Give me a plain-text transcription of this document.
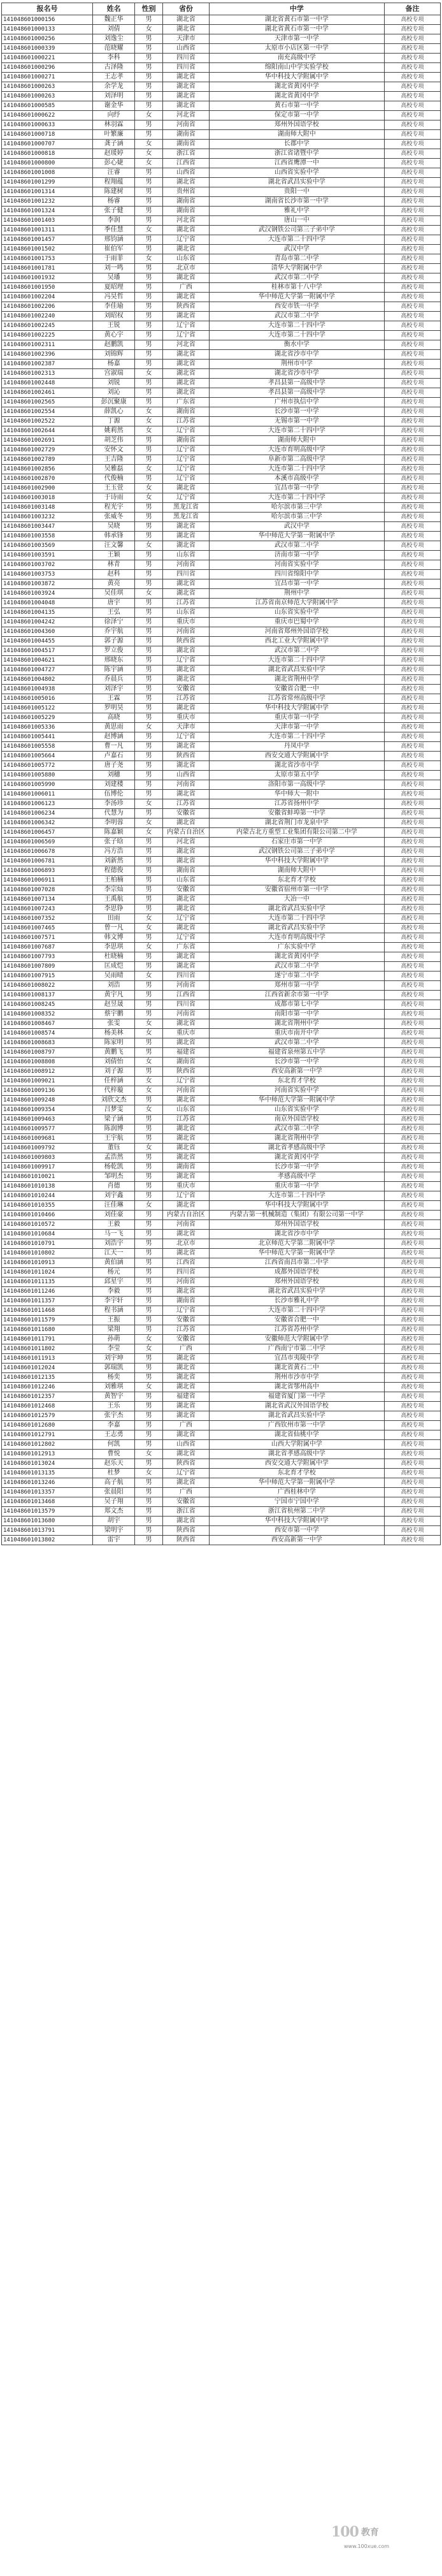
报名号	姓名	性别	省份	中学	备注
141048601000156	魏正华	男	湖北省	湖北省黄石市第一中学	高校专项
141048601000133	刘倩	女	湖北省	湖北省黄石市第一中学	高校专项
141048601000256	刘逸尘	男	天津市	天津市第一中学	高校专项
141048601000339	范晓耀	男	山西省	太原市小店区第一中学	高校专项
141048601000221	李科	男	四川省	南充高级中学	高校专项
141048601000296	古泽隆	男	四川省	绵阳南山中学实验学校	高校专项
141048601000271	王志孝	男	湖北省	华中科技大学附属中学	高校专项
141048601000263	余学龙	男	湖北省	湖北省黄冈中学	高校专项
141048601000263	刘泽明	男	湖北省	湖北省黄冈中学	高校专项
141048601000585	谢金华	男	湖北省	黄石市第一中学	高校专项
141048601000622	向纾	女	河北省	保定市第一中学	高校专项
141048601000633	林羽霖	男	河南省	郑州外国语学校	高校专项
141048601000718	叶繁廉	男	湖南省	湖南师大附中	高校专项
141048601000707	龚子涵	女	湖南省	长郡中学	高校专项
141048601000818	赵瑗婷	女	浙江省	浙江省诸暨中学	高校专项
141048601000800	彭心婕	女	江西省	江西省鹰潭一中	高校专项
141048601001008	汪睿	男	山西省	山西省实验中学	高校专项
141048601001299	程翔蕴	男	湖北省	湖北省武昌实验中学	高校专项
141048601001314	陈建树	男	贵州省	贵阳一中	高校专项
141048601001232	杨睿	男	湖南省	湖南省长沙市第一中学	高校专项
141048601001324	张子健	男	湖南省	雅礼中学	高校专项
141048601001403	李润	男	河北省	唐山一中	高校专项
141048601001311	季佳慧	女	湖北省	武汉钢铁公司第三子弟中学	高校专项
141048601001457	邢钧涵	男	辽宁省	大连市第二十四中学	高校专项
141048601001502	崔伯军	男	湖北省	武汉中学	高校专项
141048601001753	于雨菲	女	山东省	青岛市第二中学	高校专项
141048601001781	刘一鸣	男	北京市	清华大学附属中学	高校专项
141048601001932	吴璠	男	湖北省	武汉市第二中学	高校专项
141048601001950	夏昭理	男	广西	桂林市第十八中学	高校专项
141048601002204	冯昊哲	男	湖北省	华中师范大学第一附属中学	高校专项
141048601002206	李佳瑜	男	陕西省	西安市铁一中学	高校专项
141048601002240	刘昭权	男	湖北省	武汉市第二中学	高校专项
141048601002245	王锐	男	辽宁省	大连市第二十四中学	高校专项
141048601002225	黄心宇	男	辽宁省	大连市第二十四中学	高校专项
141048601002311	赵鹏凯	男	河北省	衡水中学	高校专项
141048601002396	刘锦辉	男	湖北省	湖北省沙市中学	高校专项
141048601002387	杨嘉	男	湖北省	荆州市中学	高校专项
141048601002313	宫淑瑞	女	湖北省	湖北省沙市中学	高校专项
141048601002448	刘锐	男	湖北省	孝昌县第一高级中学	高校专项
141048601002461	刘沁	男	湖北省	孝昌县第一高级中学	高校专项
141048601002565	彭沉聚康	男	广东省	广州市执信中学	高校专项
141048601002554	薛凯心	女	湖南省	长沙市第一中学	高校专项
141048601002522	丁源	女	江苏省	无锡市第一中学	高校专项
141048601002644	姚莉然	女	辽宁省	大连市第二十四中学	高校专项
141048601002691	胡芝伟	男	湖南省	湖南师大附中	高校专项
141048601002729	安怀文	男	辽宁省	大连市育明高级中学	高校专项
141048601002789	王吉隆	男	辽宁省	阜新市第二高级中学	高校专项
141048601002856	吴雅磊	女	辽宁省	大连市第二十四中学	高校专项
141048601002870	代俊楠	男	辽宁省	本溪市高级中学	高校专项
141048601002900	王玉萱	女	湖北省	宜昌市第一中学	高校专项
141048601003018	于诗雨	女	辽宁省	大连市第二十四中学	高校专项
141048601003148	程光宇	男	黑龙江省	哈尔滨市第三中学	高校专项
141048601003232	张威冬	男	黑龙江省	哈尔滨市第三中学	高校专项
141048601003447	吴晓	男	湖北省	武汉中学	高校专项
141048601003558	韩承锋	男	湖北省	华中师范大学第一附属中学	高校专项
141048601003569	汪文馨	女	湖北省	武汉市第二中学	高校专项
141048601003591	王颖	男	山东省	济南市第一中学	高校专项
141048601003702	林青	男	河南省	河南省实验中学	高校专项
141048601003753	赵科	男	四川省	四川省绵阳中学	高校专项
141048601003872	黄亮	男	湖北省	宜昌市第一中学	高校专项
141048601003924	吴佳琪	女	湖北省	荆州中学	高校专项
141048601004048	唐宇	男	江苏省	江苏省南京师范大学附属中学	高校专项
141048601004135	王弘	男	山东省	山东省实验中学	高校专项
141048601004242	徐泽宁	男	重庆市	重庆市巴蜀中学	高校专项
141048601004360	乔宇航	男	河南省	河南省郑州外国语学校	高校专项
141048601004455	郭子源	男	陕西省	西北工业大学附属中学	高校专项
141048601004517	罗立俊	男	湖北省	武汉市第二中学	高校专项
141048601004621	邢晓东	男	辽宁省	大连市第二十四中学	高校专项
141048601004727	陈宇涵	男	湖北省	湖北省武昌实验中学	高校专项
141048601004802	乔晨兵	男	湖北省	湖北省荆州中学	高校专项
141048601004938	刘泽宇	男	安徽省	安徽省合肥一中	高校专项
141048601005016	王霖	男	江苏省	江苏省常州高级中学	高校专项
141048601005122	罗明昊	男	湖北省	华中科技大学附属中学	高校专项
141048601005229	高晓	男	重庆市	重庆市第一中学	高校专项
141048601005336	黄思雨	女	天津市	天津市第一中学	高校专项
141048601005441	赵博涵	男	辽宁省	大连市第二十四中学	高校专项
141048601005558	曹一凡	男	湖北省	丹凤中学	高校专项
141048601005664	卢嘉石	男	陕西省	西安交通大学附属中学	高校专项
141048601005772	唐子尧	男	湖北省	湖北省沙市中学	高校专项
141048601005880	刘穗	男	山西省	太原市第五中学	高校专项
141048601005990	刘建楼	男	河南省	洛阳市第一高级中学	高校专项
141048601006011	伍博伦	男	湖北省	华中师大一附中	高校专项
141048601006123	李汤珍	女	江苏省	江苏省扬州中学	高校专项
141048601006234	代慧为	男	安徽省	安徽省蚌埠第一中学	高校专项
141048601006342	李明蓉	女	湖北省	湖北省荆门市龙泉中学	高校专项
141048601006457	陈嘉颖	女	内蒙古自治区	内蒙古北方重型工业集团有限公司第二中学	高校专项
141048601006569	张子晗	男	河北省	石家庄市第一中学	高校专项
141048601006678	冯方浩	男	湖北省	武汉钢铁公司第三子弟中学	高校专项
141048601006781	刘新然	男	湖北省	华中科技大学附属中学	高校专项
141048601006893	程德俊	男	湖南省	湖南师大附中	高校专项
141048601006911	王柏楠	男	山东省	东北育才学校	高校专项
141048601007028	李宗灿	男	安徽省	安徽省宿州市第一中学	高校专项
141048601007134	王禹航	男	湖北省	大冶一中	高校专项
141048601007243	李思铮	男	湖北省	湖北省武昌实验中学	高校专项
141048601007352	田雨	女	辽宁省	大连市第二十四中学	高校专项
141048601007465	曾一凡	女	湖北省	湖北省武昌实验中学	高校专项
141048601007571	韩文博	男	辽宁省	大连市育明高级中学	高校专项
141048601007687	李思琪	女	广东省	广东实验中学	高校专项
141048601007793	杜晓楠	男	湖北省	湖北省黄冈中学	高校专项
141048601007809	匡成恺	男	湖北省	武汉市第二中学	高校专项
141048601007915	吴雨晴	女	四川省	遂宁市第二中学	高校专项
141048601008022	刘浩	男	河南省	郑州市第一中学	高校专项
141048601008137	黄宇凡	男	江西省	江西省新余市第一中学	高校专项
141048601008245	赵昱晟	男	四川省	成都市第七中学	高校专项
141048601008352	蔡宇鹏	男	河南省	南阳市第一中学	高校专项
141048601008467	张雯	女	湖北省	湖北省荆州中学	高校专项
141048601008574	杨美林	女	重庆市	重庆市南开中学	高校专项
141048601008683	陈家明	男	湖北省	武汉市第二中学	高校专项
141048601008797	黄鹏飞	男	福建省	福建省泉州第五中学	高校专项
141048601008808	刘倩怡	女	湖南省	长沙市第一中学	高校专项
141048601008912	刘子源	男	陕西省	西安高新第一中学	高校专项
141048601009021	任梓涵	女	辽宁省	东北育才学校	高校专项
141048601009136	代梓璇	女	河南省	河南省实验中学	高校专项
141048601009248	刘欣文杰	男	湖北省	华中师范大学第一附属中学	高校专项
141048601009354	吕梦雯	女	山东省	山东省实验中学	高校专项
141048601009463	梁子涵	男	江苏省	南京外国语学校	高校专项
141048601009577	陈润博	男	湖北省	武汉市第二中学	高校专项
141048601009681	王宇航	男	湖北省	湖北省荆州中学	高校专项
141048601009792	董钰	女	湖北省	湖北省孝感高级中学	高校专项
141048601009803	孟浩然	男	湖北省	湖北省黄冈中学	高校专项
141048601009917	杨乾凯	男	湖南省	长沙市第一中学	高校专项
141048601010021	邹明杰	男	湖北省	孝感高级中学	高校专项
141048601010138	肖德	男	重庆市	重庆市第一中学	高校专项
141048601010244	刘宇鑫	男	辽宁省	大连市第二十四中学	高校专项
141048601010355	汪佳琳	女	湖北省	华中科技大学附属中学	高校专项
141048601010466	刘佳豪	男	内蒙古自治区	内蒙古第一机械制造（集团）有限公司第一中学	高校专项
141048601010572	王毅	男	河南省	郑州外国语学校	高校专项
141048601010684	马一飞	男	湖北省	湖北省沙市中学	高校专项
141048601010791	刘浩宇	男	北京市	北京师范大学第二附属中学	高校专项
141048601010802	江天一	男	湖北省	华中师范大学第一附属中学	高校专项
141048601010913	黄伯涵	男	江西省	江西省南昌市第二中学	高校专项
141048601011024	杨元	男	四川省	成都外国语学校	高校专项
141048601011135	邱星宇	男	河南省	郑州外国语学校	高校专项
141048601011246	李毅	男	湖北省	湖北省武昌实验中学	高校专项
141048601011357	李宇轩	男	湖南省	长沙市雅礼中学	高校专项
141048601011468	程书涵	男	辽宁省	大连市第二十四中学	高校专项
141048601011579	王振	男	安徽省	安徽省合肥一中	高校专项
141048601011680	梁翔	男	江苏省	江苏省苏州中学	高校专项
141048601011791	孙萌	女	安徽省	安徽师范大学附属中学	高校专项
141048601011802	李莹	女	广西	广西南宁市第二中学	高校专项
141048601011913	刘宇坤	男	湖北省	宜昌市夷陵中学	高校专项
141048601012024	郭瑞凯	男	湖北省	湖北省黄石二中	高校专项
141048601012135	杨奕	男	湖北省	荆州市沙市中学	高校专项
141048601012246	刘雅琪	女	湖北省	湖北省鄂州高中	高校专项
141048601012357	黄智宇	男	福建省	福建省厦门第一中学	高校专项
141048601012468	王乐	男	湖北省	湖北省武汉外国语学校	高校专项
141048601012579	张宇杰	男	湖北省	湖北省武昌实验中学	高校专项
141048601012680	李嘉	男	广西	广西钦州市第一中学	高校专项
141048601012791	王志勇	男	湖北省	湖北省仙桃中学	高校专项
141048601012802	何凯	男	山西省	山西大学附属中学	高校专项
141048601012913	曹悦	女	湖北省	湖北省孝感高级中学	高校专项
141048601013024	赵乐天	男	陕西省	西安交通大学附属中学	高校专项
141048601013135	杜梦	女	辽宁省	东北育才学校	高校专项
141048601013246	高子航	男	湖北省	华中师范大学第一附属中学	高校专项
141048601013357	张晨阳	男	广西	广西桂林中学	高校专项
141048601013468	吴子翔	男	安徽省	宁国市宁国中学	高校专项
141048601013579	郑文杰	男	浙江省	浙江省杭州第二中学	高校专项
141048601013680	胡宇	男	湖北省	华中科技大学附属中学	高校专项
141048601013791	梁明宇	男	陕西省	西安市第一中学	高校专项
141048601013802	雷宇	男	陕西省	西安高新第一中学	高校专项
100 教育
www.100xue.com
